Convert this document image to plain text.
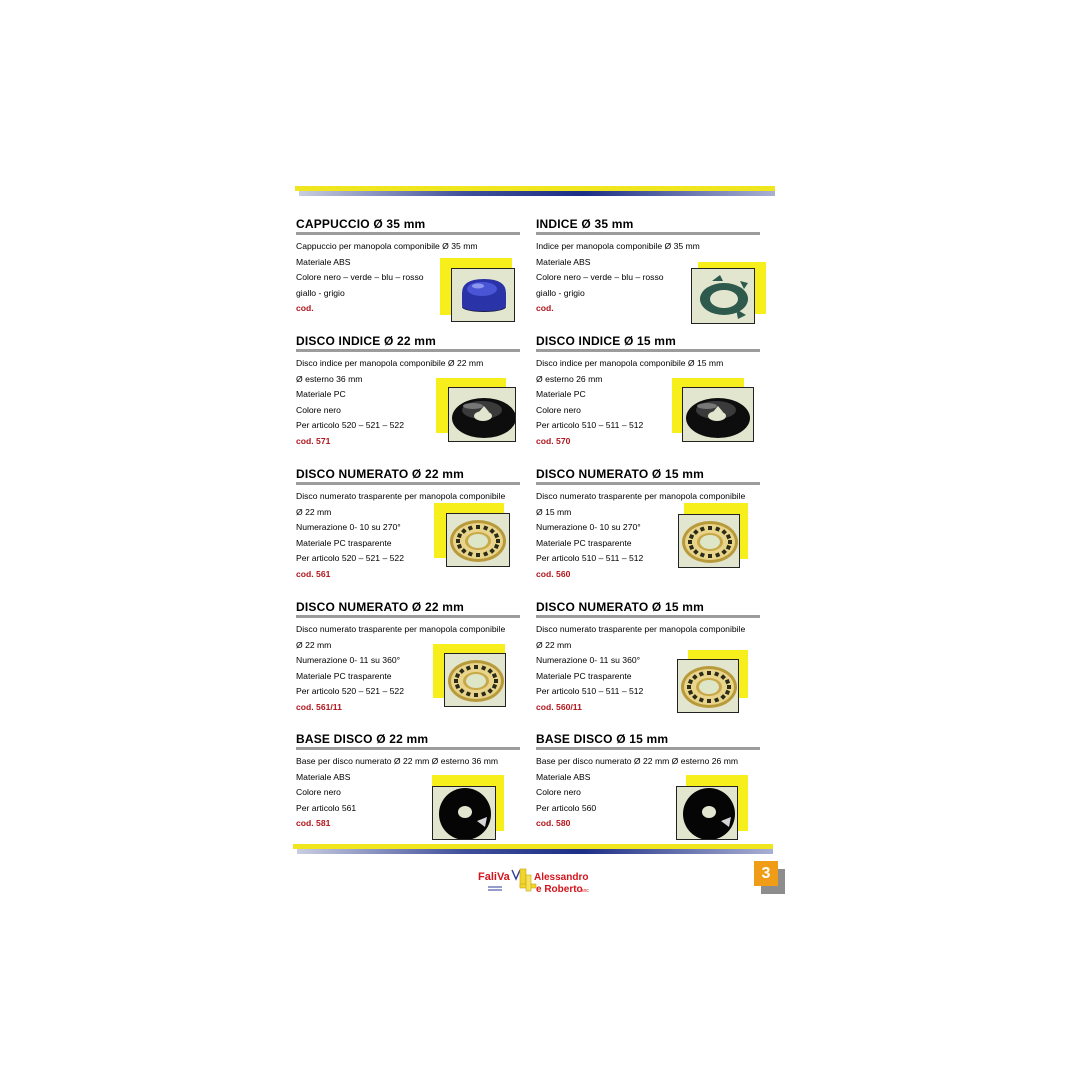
CAPPUCCIO Ø 35 mm
Cappuccio per manopola componibile Ø 35 mm
Materiale ABS
Colore nero – verde – blu – rosso
giallo - grigio
cod.
INDICE Ø 35 mm
Indice per manopola componibile Ø 35 mm
Materiale ABS
Colore nero – verde – blu – rosso
giallo - grigio
cod.
DISCO INDICE Ø 22 mm
Disco indice per manopola componibile Ø 22 mm
Ø esterno 36 mm
Materiale PC
Colore nero
Per articolo 520 – 521 – 522
cod. 571
DISCO INDICE Ø 15 mm
Disco indice per manopola componibile Ø 15 mm
Ø esterno 26 mm
Materiale PC
Colore nero
Per articolo 510 – 511 – 512
cod. 570
DISCO NUMERATO Ø 22 mm
Disco numerato trasparente per manopola componibile
Ø 22 mm
Numerazione 0- 10 su 270°
Materiale PC trasparente
Per articolo 520 – 521 – 522
cod. 561
DISCO NUMERATO Ø 15 mm
Disco numerato trasparente per manopola componibile
Ø 15 mm
Numerazione 0- 10 su 270°
Materiale PC trasparente
Per articolo 510 – 511 – 512
cod. 560
DISCO NUMERATO Ø 22 mm
Disco numerato trasparente per manopola componibile
Ø 22 mm
Numerazione 0- 11 su 360°
Materiale PC trasparente
Per articolo 520 – 521 – 522
cod. 561/11
DISCO NUMERATO Ø 15 mm
Disco numerato trasparente per manopola componibile
Ø 22 mm
Numerazione 0- 11 su 360°
Materiale PC trasparente
Per articolo 510 – 511 – 512
cod. 560/11
BASE DISCO Ø 22 mm
Base per disco numerato Ø 22 mm Ø esterno 36 mm
Materiale ABS
Colore nero
Per articolo 561
cod. 581
BASE DISCO Ø 15 mm
Base per disco numerato Ø 22 mm Ø esterno 26 mm
Materiale ABS
Colore nero
Per articolo 560
cod. 580
FaliVa Alessandro
e Roberto
snc
3
